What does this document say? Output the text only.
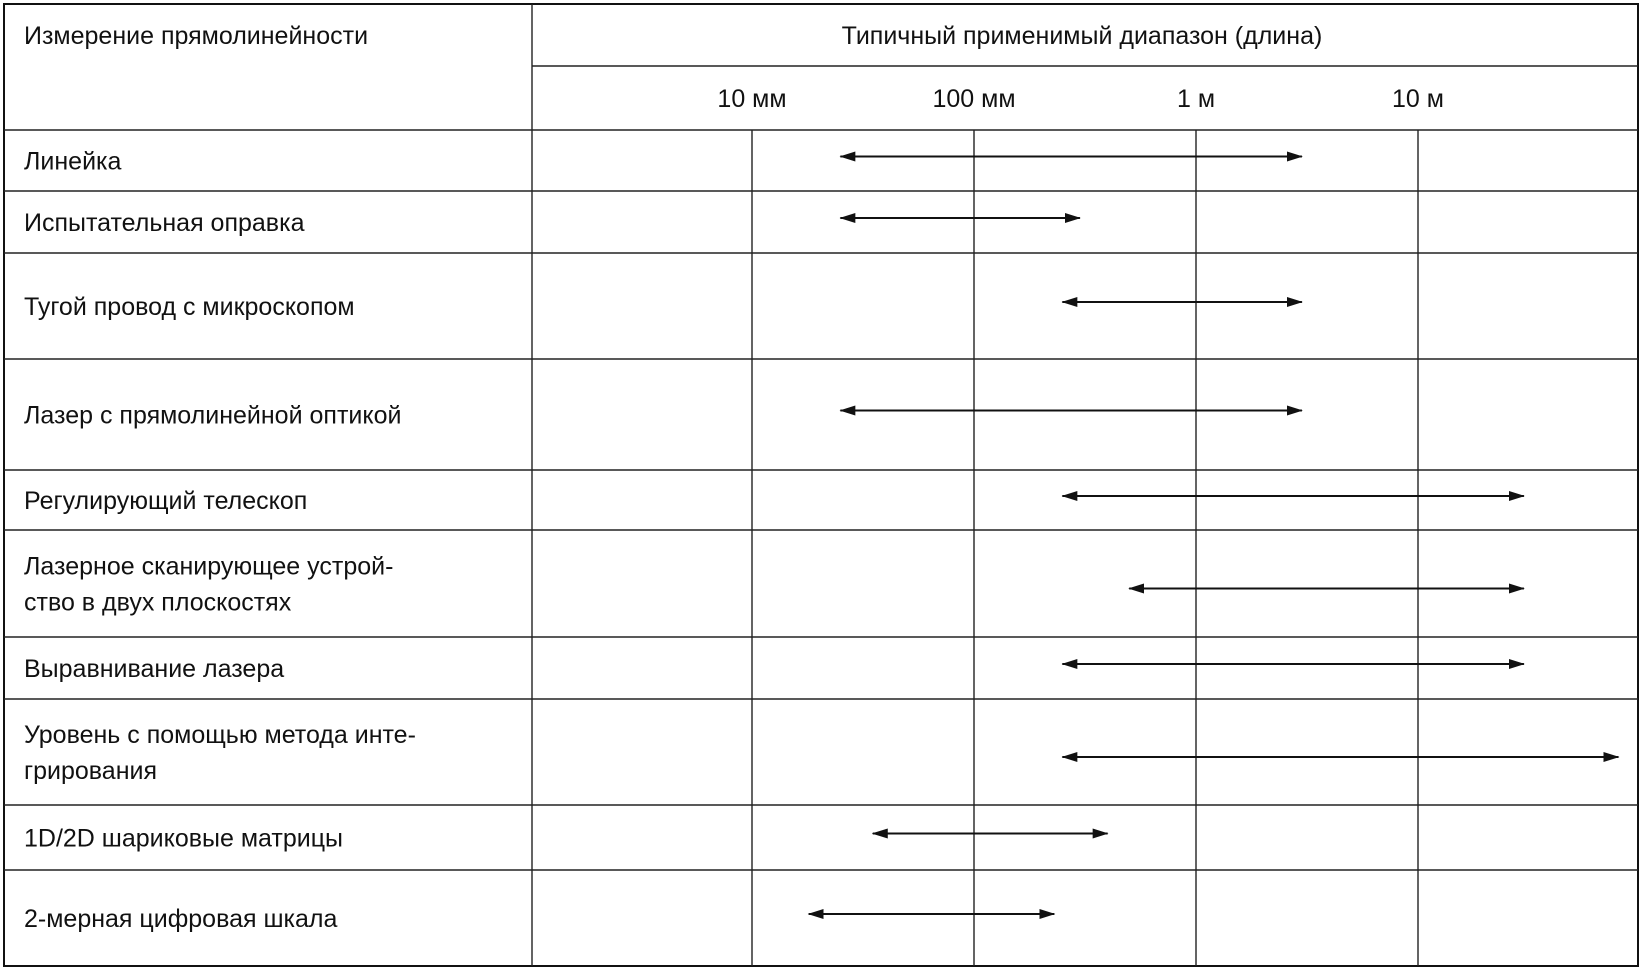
Измерение прямолинейности	Типичный применимый диапазон (длина)
10 мм	100 мм	1 м	10 м
Линейка
Испытательная оправка
Тугой провод с микроскопом
Лазер с прямолинейной оптикой
Регулирующий телескоп
Лазерное сканирующее устрой-
ство в двух плоскостях
Выравнивание лазера
Уровень с помощью метода инте-
грирования
1D/2D шариковые матрицы
2-мерная цифровая шкала
